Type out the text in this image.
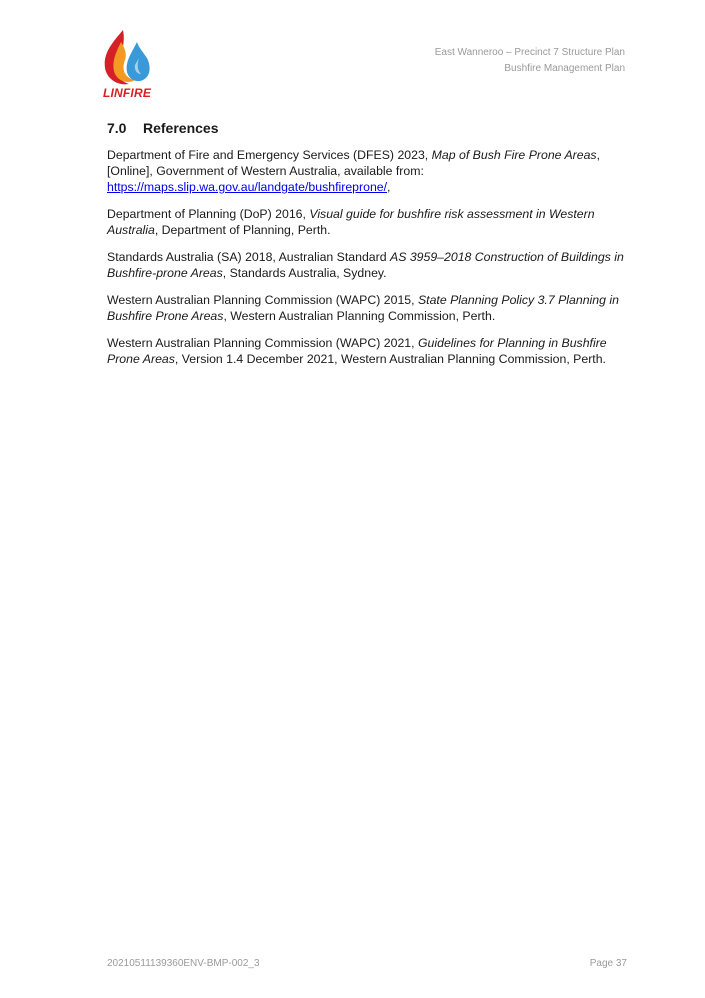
LINFIRE
East Wanneroo – Precinct 7 Structure Plan
Bushfire Management Plan
7.0	References

Department of Fire and Emergency Services (DFES) 2023, Map of Bush Fire Prone Areas, [Online], Government of Western Australia, available from:
https://maps.slip.wa.gov.au/landgate/bushfireprone/,

Department of Planning (DoP) 2016, Visual guide for bushfire risk assessment in Western Australia, Department of Planning, Perth.

Standards Australia (SA) 2018, Australian Standard AS 3959–2018 Construction of Buildings in Bushfire-prone Areas, Standards Australia, Sydney.

Western Australian Planning Commission (WAPC) 2015, State Planning Policy 3.7 Planning in Bushfire Prone Areas, Western Australian Planning Commission, Perth.

Western Australian Planning Commission (WAPC) 2021, Guidelines for Planning in Bushfire Prone Areas, Version 1.4 December 2021, Western Australian Planning Commission, Perth.

20210511139360ENV-BMP-002_3	Page 37
